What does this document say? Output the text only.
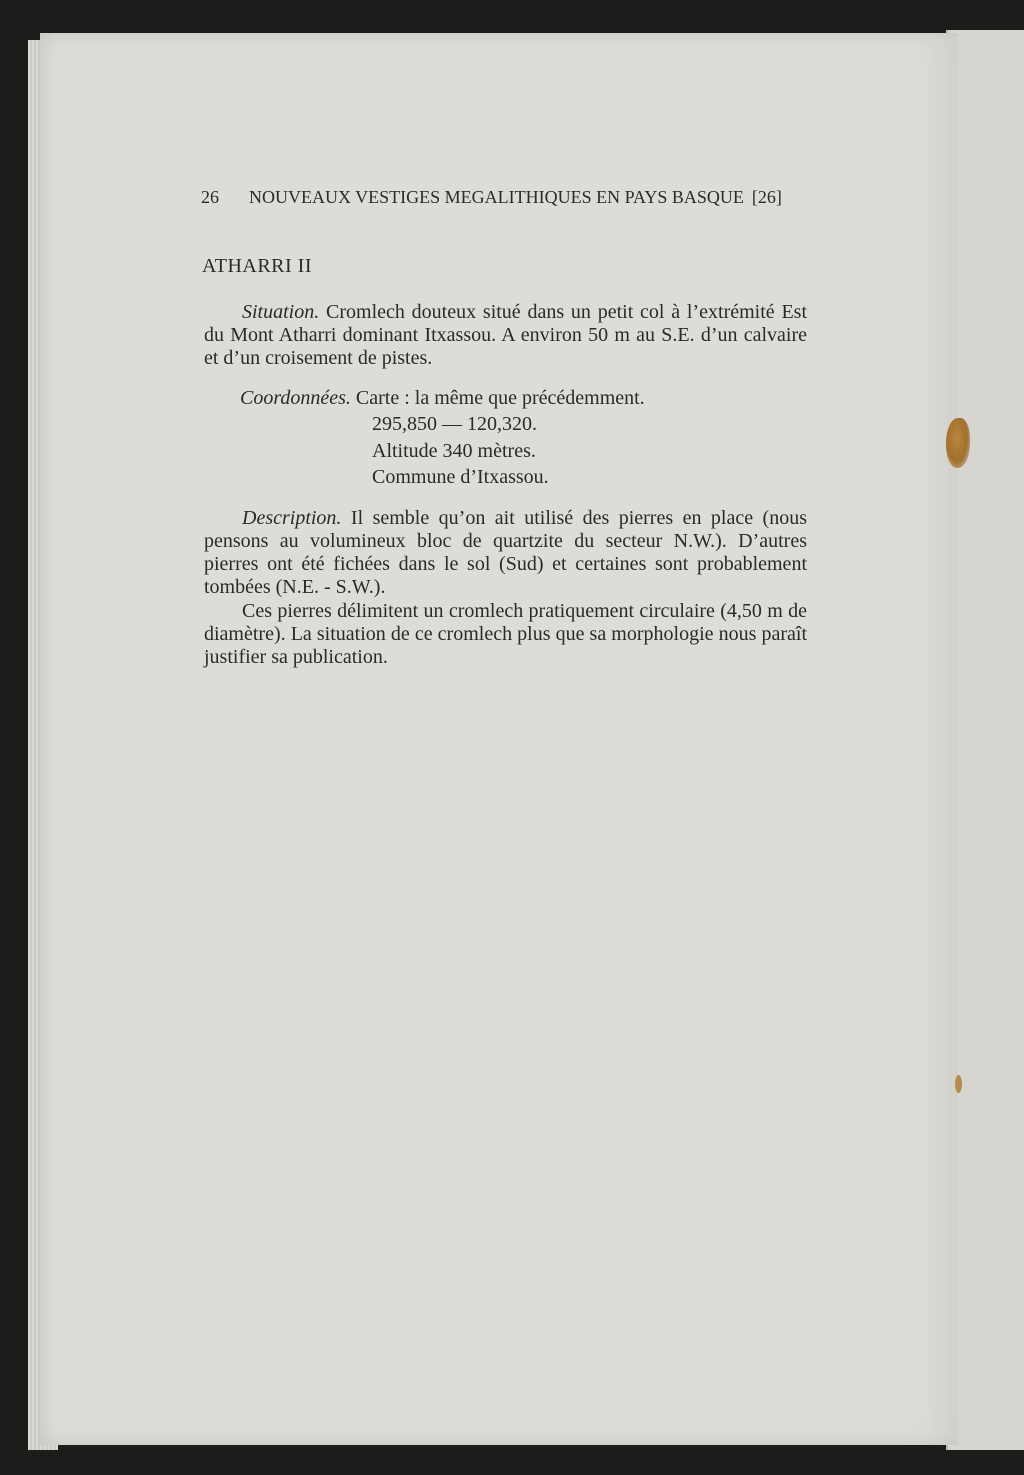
26 NOUVEAUX VESTIGES MEGALITHIQUES EN PAYS BASQUE [26]
ATHARRI II
Situation. Cromlech douteux situé dans un petit col à l’extrémité Est du Mont Atharri dominant Itxassou. A environ 50 m au S.E. d’un calvaire et d’un croisement de pistes.
Coordonnées. Carte : la même que précédemment.
295,850 — 120,320.
Altitude 340 mètres.
Commune d’Itxassou.
Description. Il semble qu’on ait utilisé des pierres en place (nous pensons au volumineux bloc de quartzite du secteur N.W.). D’autres pierres ont été fichées dans le sol (Sud) et certaines sont probablement tombées (N.E. - S.W.).
Ces pierres délimitent un cromlech pratiquement circulaire (4,50 m de diamètre). La situation de ce cromlech plus que sa morphologie nous paraît justifier sa publication.
